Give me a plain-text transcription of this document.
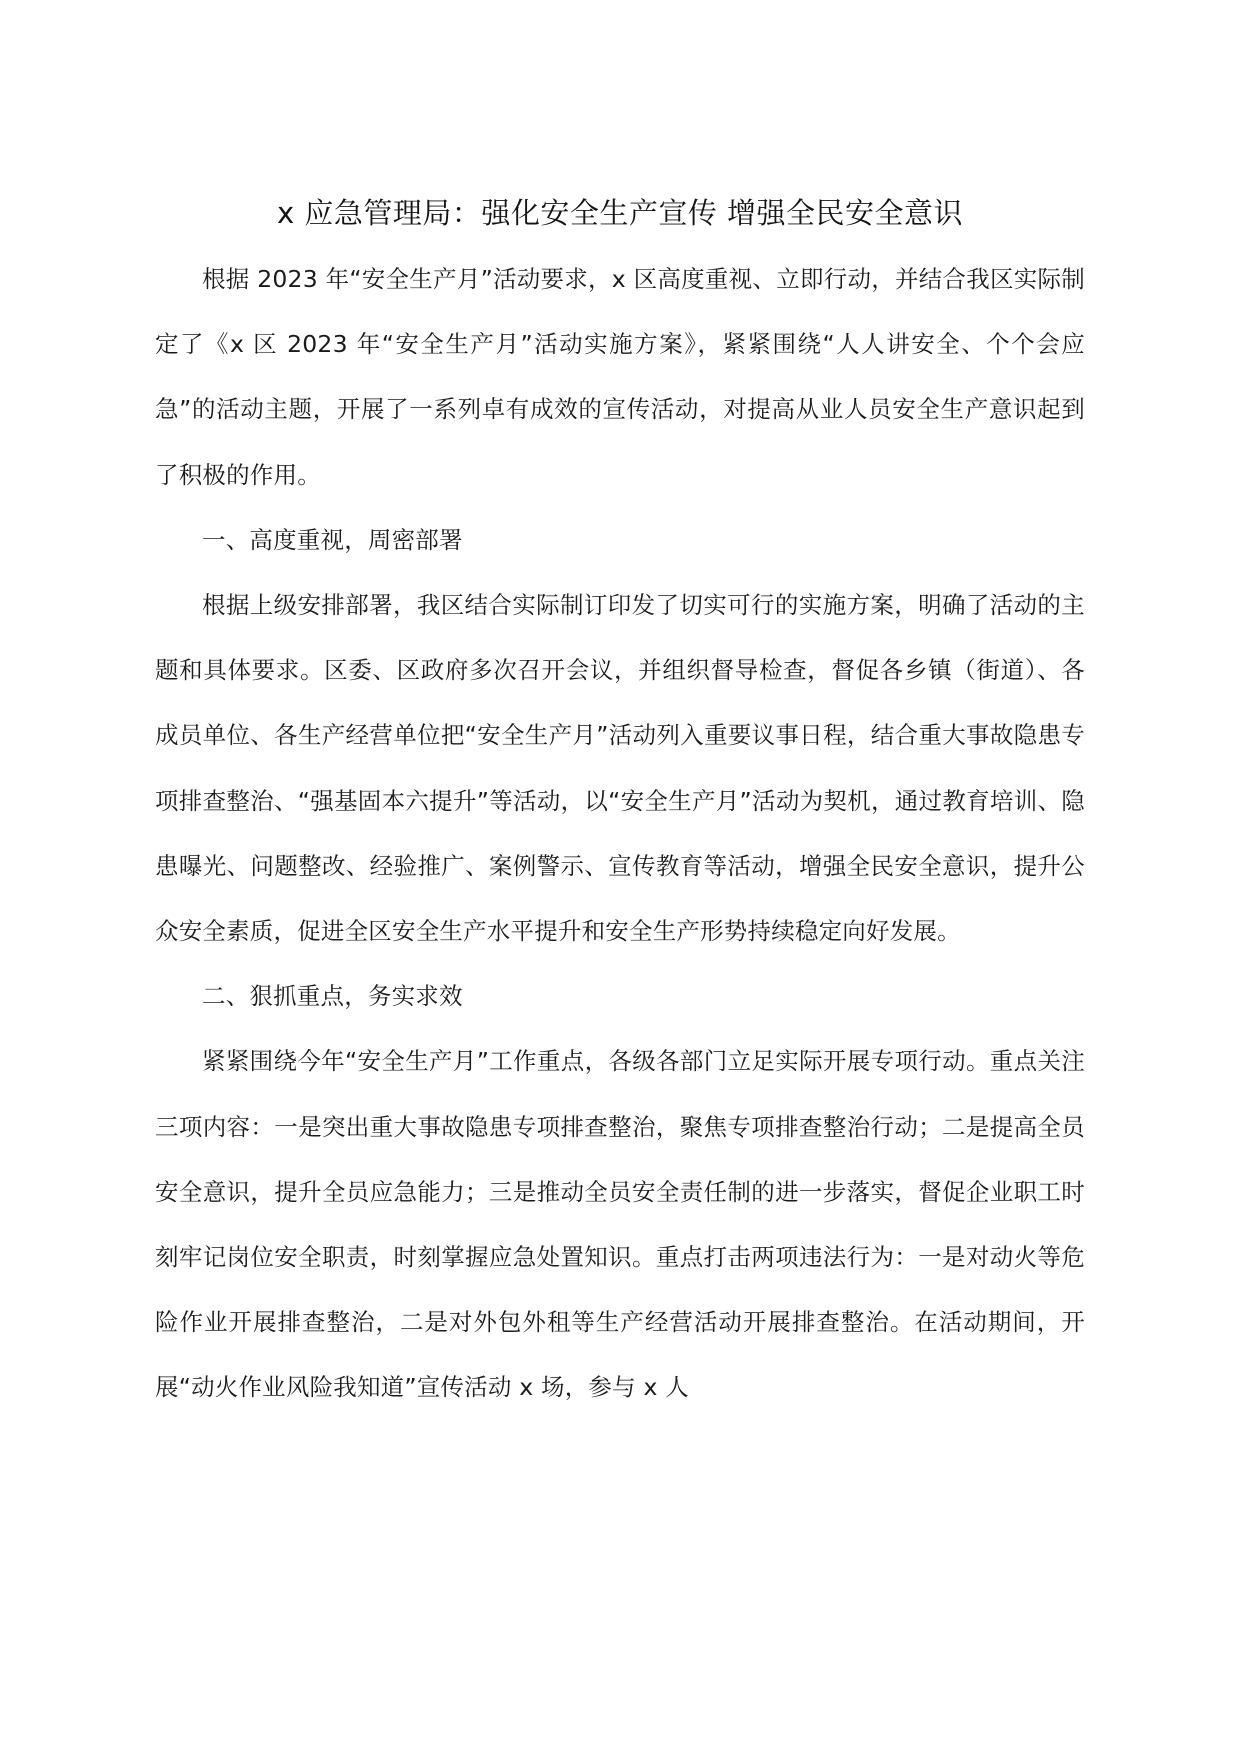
x 应急管理局：强化安全生产宣传 增强全民安全意识

根据 2023 年“安全生产月”活动要求，x 区高度重视、立即行动，并结合我区实际制定了《x 区 2023 年“安全生产月”活动实施方案》，紧紧围绕“人人讲安全、个个会应急”的活动主题，开展了一系列卓有成效的宣传活动，对提高从业人员安全生产意识起到了积极的作用。

一、高度重视，周密部署

根据上级安排部署，我区结合实际制订印发了切实可行的实施方案，明确了活动的主题和具体要求。区委、区政府多次召开会议，并组织督导检查，督促各乡镇（街道）、各成员单位、各生产经营单位把“安全生产月”活动列入重要议事日程，结合重大事故隐患专项排查整治、“强基固本六提升”等活动，以“安全生产月”活动为契机，通过教育培训、隐患曝光、问题整改、经验推广、案例警示、宣传教育等活动，增强全民安全意识，提升公众安全素质，促进全区安全生产水平提升和安全生产形势持续稳定向好发展。

二、狠抓重点，务实求效

紧紧围绕今年“安全生产月”工作重点，各级各部门立足实际开展专项行动。重点关注三项内容：一是突出重大事故隐患专项排查整治，聚焦专项排查整治行动；二是提高全员安全意识，提升全员应急能力；三是推动全员安全责任制的进一步落实，督促企业职工时刻牢记岗位安全职责，时刻掌握应急处置知识。重点打击两项违法行为：一是对动火等危险作业开展排查整治，二是对外包外租等生产经营活动开展排查整治。在活动期间，开展“动火作业风险我知道”宣传活动 x 场，参与 x 人
